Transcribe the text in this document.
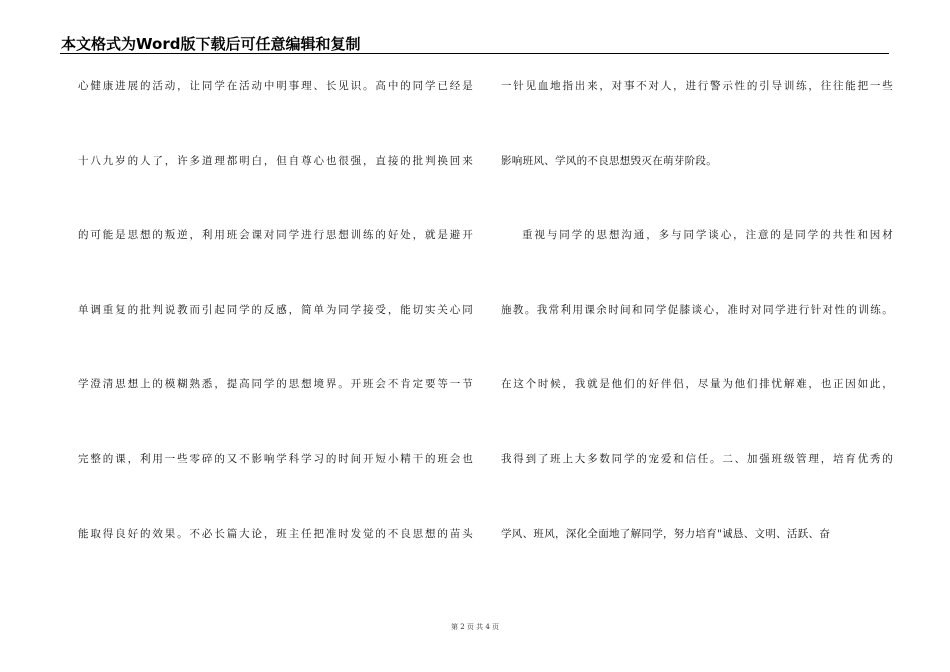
本文格式为Word版下载后可任意编辑和复制
心健康进展的活动，让同学在活动中明事理、长见识。高中的同学已经是
十八九岁的人了，许多道理都明白，但自尊心也很强，直接的批判换回来
的可能是思想的叛逆，利用班会课对同学进行思想训练的好处，就是避开
单调重复的批判说教而引起同学的反感，简单为同学接受，能切实关心同
学澄清思想上的模糊熟悉，提高同学的思想境界。开班会不肯定要等一节
完整的课，利用一些零碎的又不影响学科学习的时间开短小精干的班会也
能取得良好的效果。不必长篇大论，班主任把准时发觉的不良思想的苗头
一针见血地指出来，对事不对人，进行警示性的引导训练，往往能把一些
影响班风、学风的不良思想毁灭在萌芽阶段。
重视与同学的思想沟通，多与同学谈心，注意的是同学的共性和因材
施教。我常利用课余时间和同学促膝谈心，准时对同学进行针对性的训练。
在这个时候，我就是他们的好伴侣，尽量为他们排忧解难，也正因如此，
我得到了班上大多数同学的宠爱和信任。二、加强班级管理，培育优秀的
学风、班风，深化全面地了解同学，努力培育"诚恳、文明、活跃、奋
第 2 页 共 4 页
